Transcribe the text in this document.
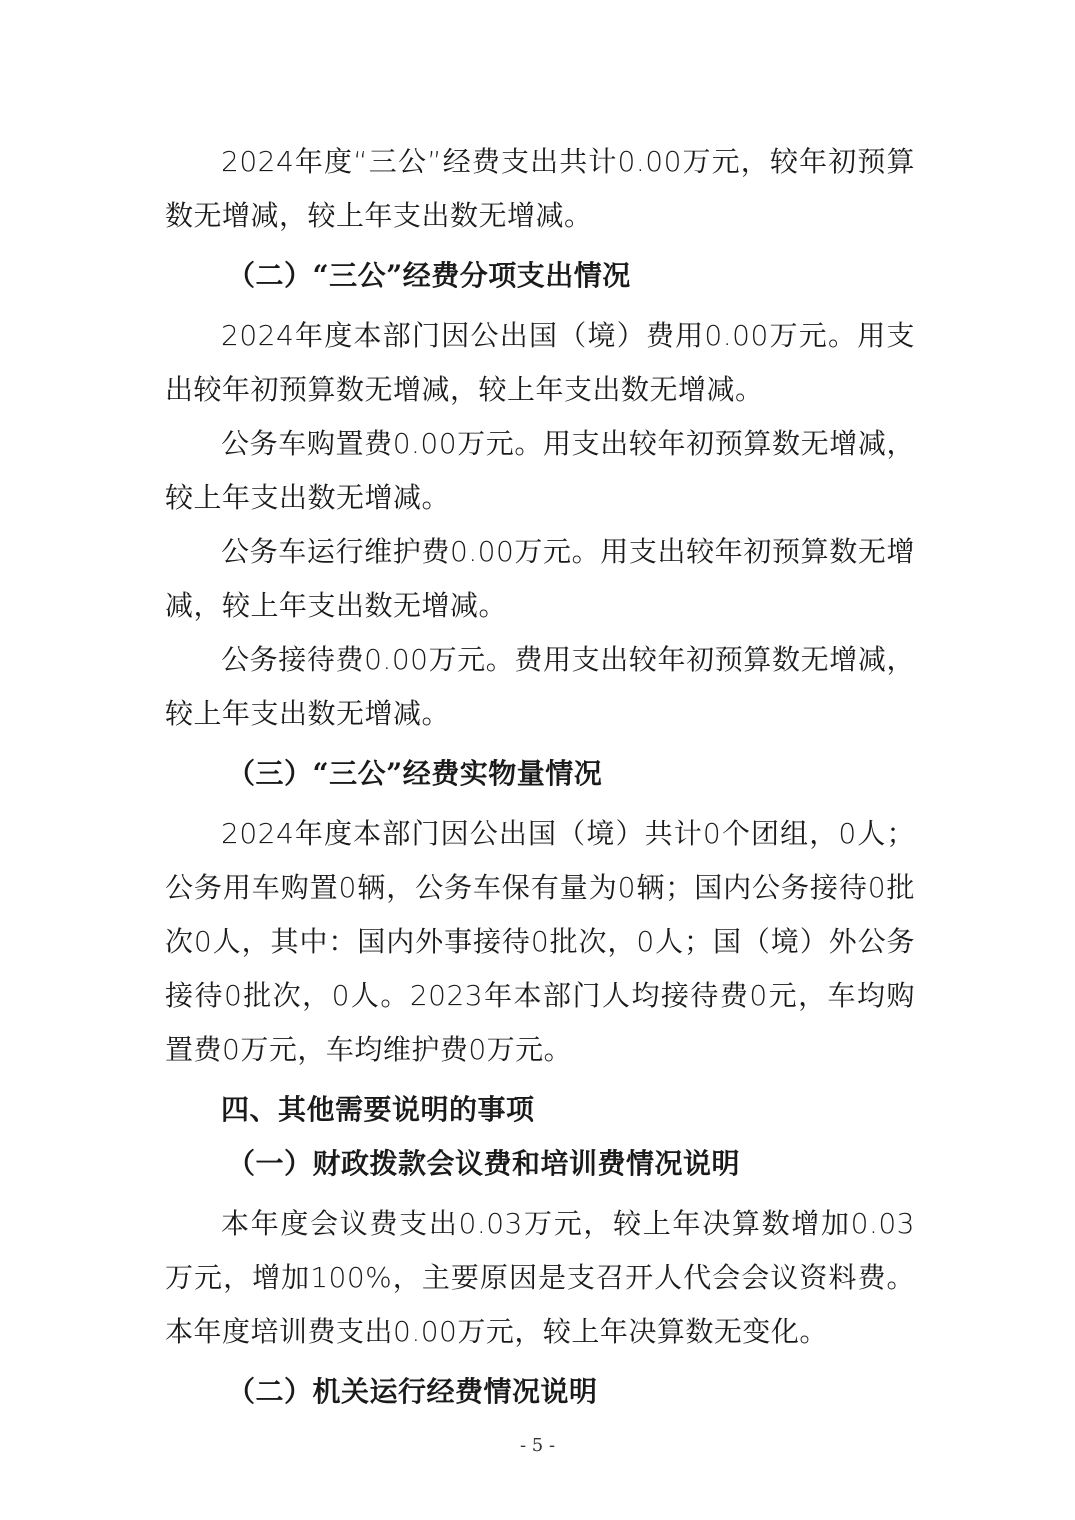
2024年度“三公”经费支出共计0.00万元，较年初预算数无增减，较上年支出数无增减。

（二）“三公”经费分项支出情况

2024年度本部门因公出国（境）费用0.00万元。用支出较年初预算数无增减，较上年支出数无增减。

公务车购置费0.00万元。用支出较年初预算数无增减，较上年支出数无增减。

公务车运行维护费0.00万元。用支出较年初预算数无增减，较上年支出数无增减。

公务接待费0.00万元。费用支出较年初预算数无增减，较上年支出数无增减。

（三）“三公”经费实物量情况

2024年度本部门因公出国（境）共计0个团组，0人；公务用车购置0辆，公务车保有量为0辆；国内公务接待0批次0人，其中：国内外事接待0批次，0人；国（境）外公务接待0批次，0人。2023年本部门人均接待费0元，车均购置费0万元，车均维护费0万元。

四、其他需要说明的事项

（一）财政拨款会议费和培训费情况说明

本年度会议费支出0.03万元，较上年决算数增加0.03万元，增加100%，主要原因是支召开人代会会议资料费。本年度培训费支出0.00万元，较上年决算数无变化。

（二）机关运行经费情况说明

- 5 -
